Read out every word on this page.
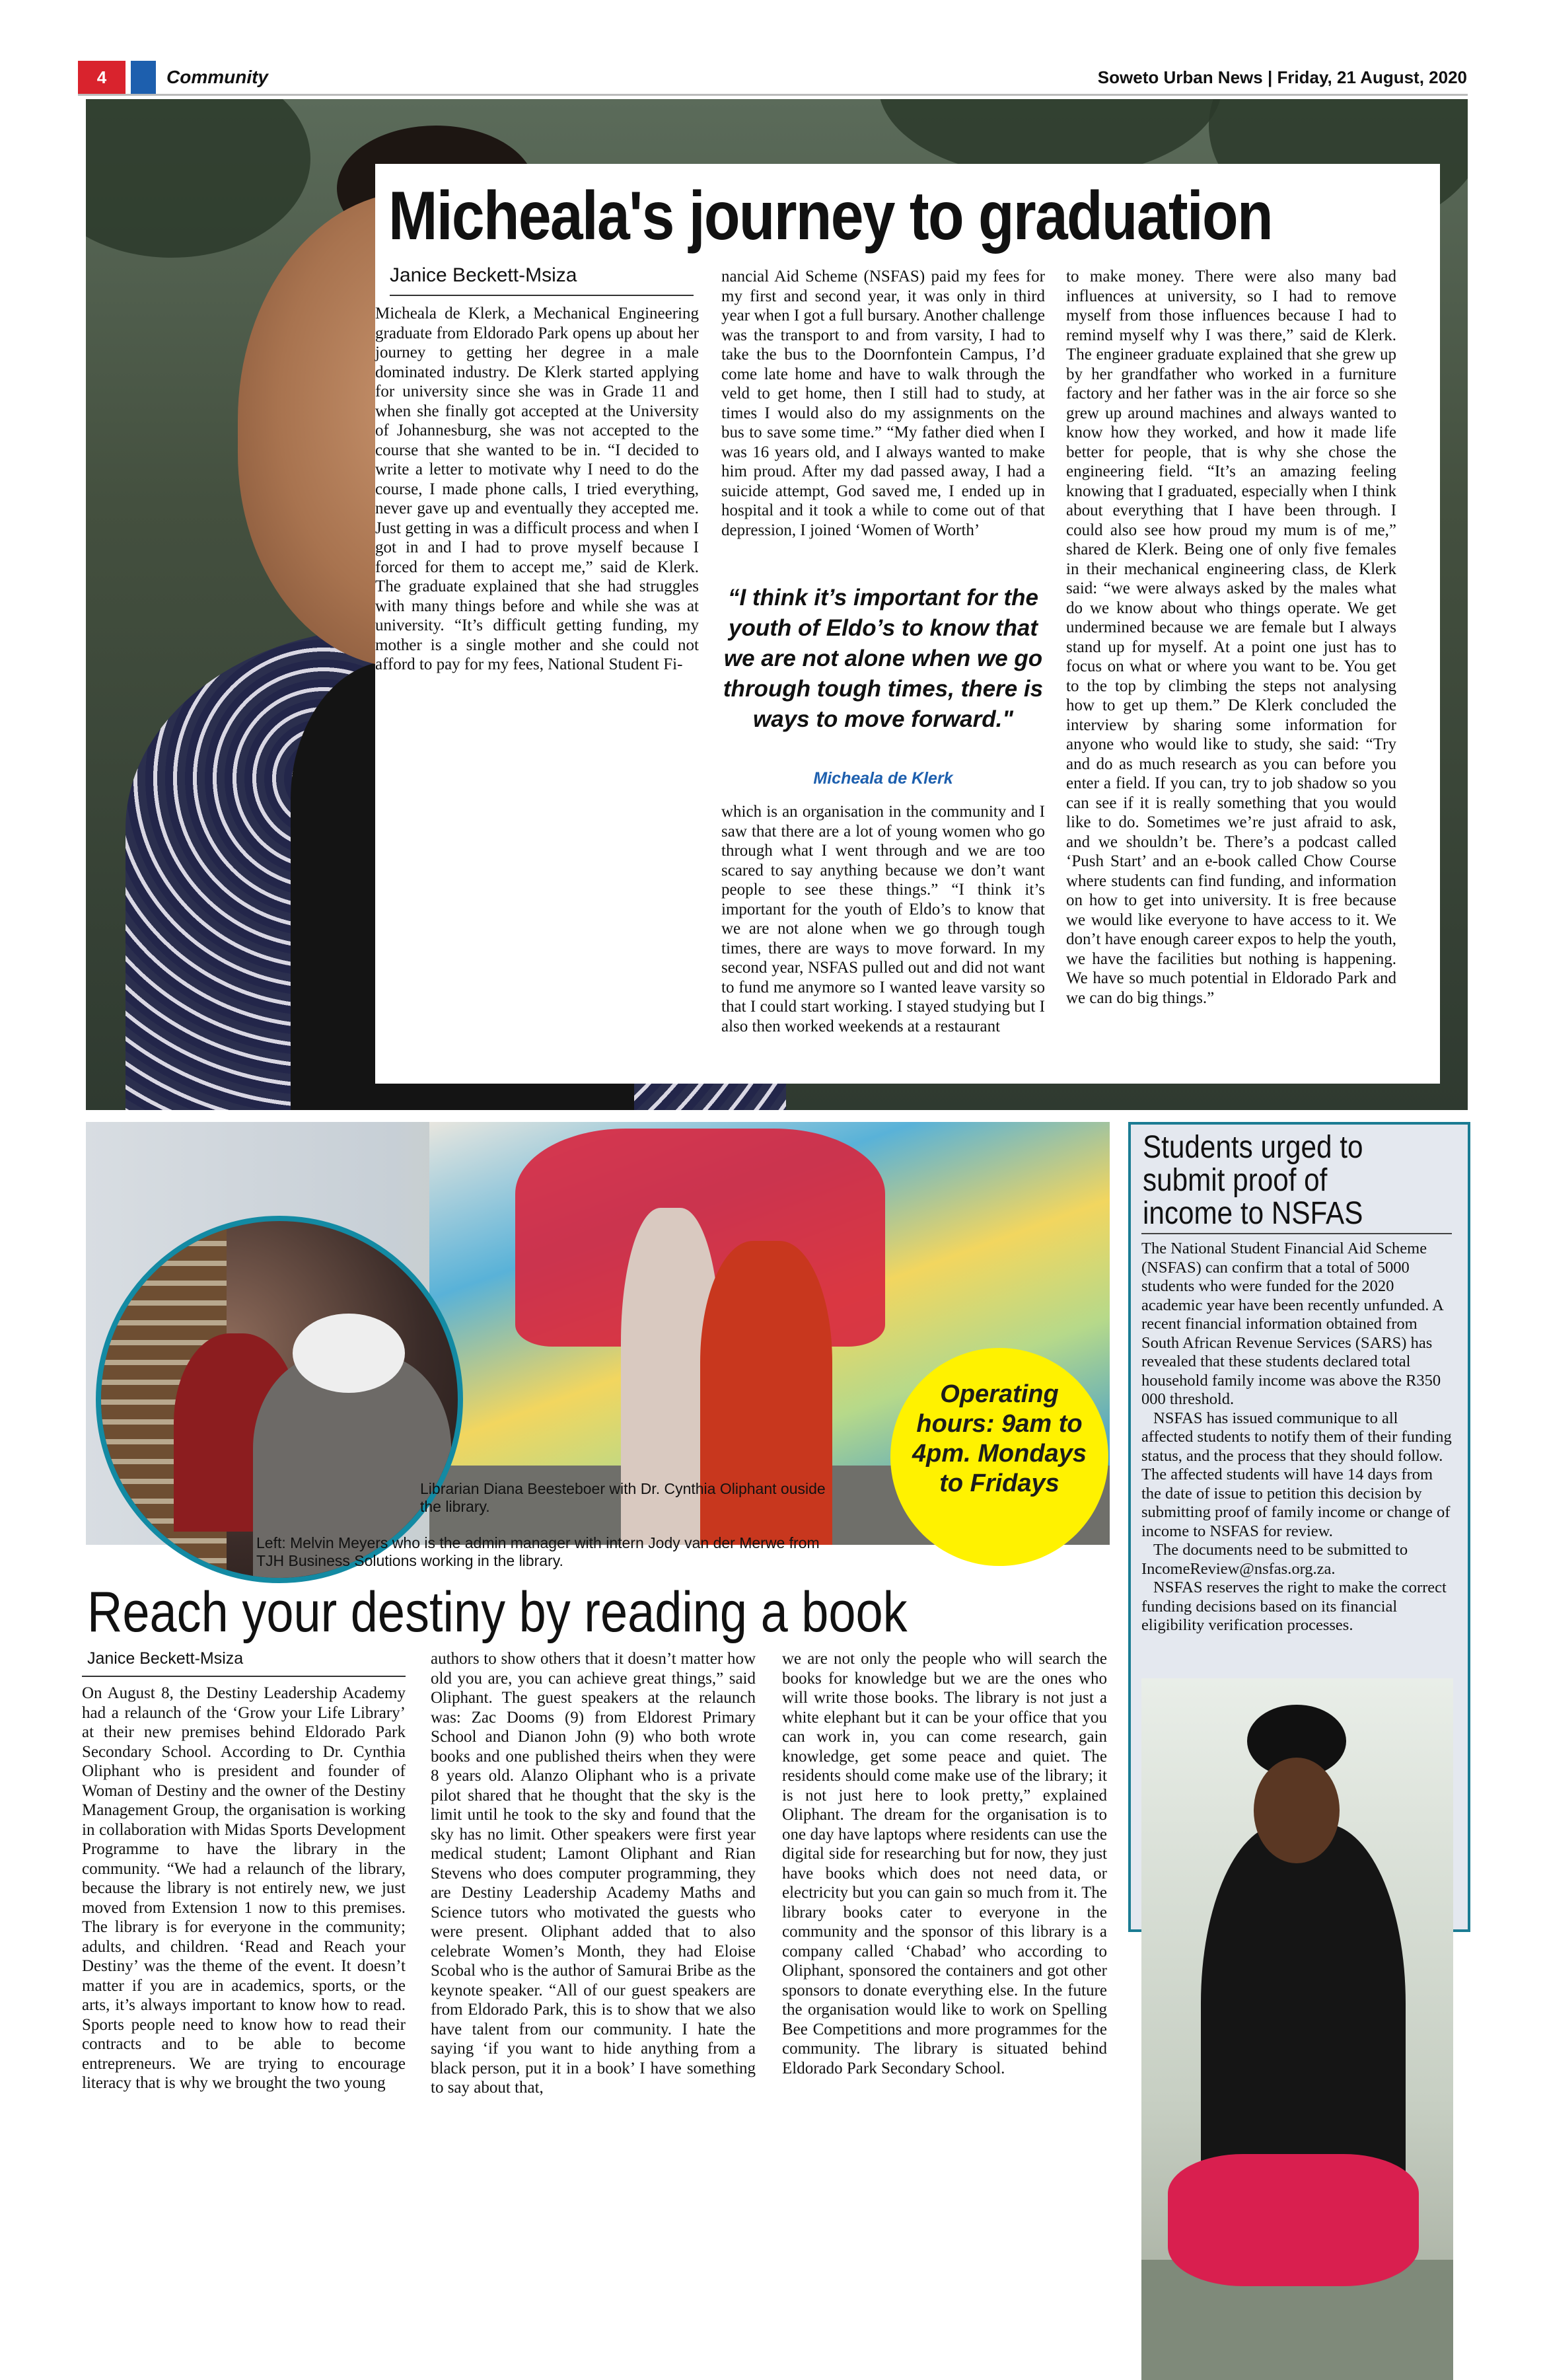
4	Community	Soweto Urban News | Friday, 21 August, 2020
Micheala's journey to graduation
Janice Beckett-Msiza

Micheala de Klerk, a Mechanical Engineering graduate from Eldorado Park opens up about her journey to getting her degree in a male dominated industry. De Klerk started applying for university since she was in Grade 11 and when she finally got accepted at the University of Johannesburg, she was not accepted to the course that she wanted to be in. “I decided to write a letter to motivate why I need to do the course, I made phone calls, I tried everything, never gave up and eventually they accepted me. Just getting in was a difficult process and when I got in and I had to prove myself because I forced for them to accept me,” said de Klerk. The graduate explained that she had struggles with many things before and while she was at university. “It’s difficult getting funding, my mother is a single mother and she could not afford to pay for my fees, National Student Fi-

nancial Aid Scheme (NSFAS) paid my fees for my first and second year, it was only in third year when I got a full bursary. Another challenge was the transport to and from varsity, I had to take the bus to the Doornfontein Campus, I’d come late home and have to walk through the veld to get home, then I still had to study, at times I would also do my assignments on the bus to save some time.” “My father died when I was 16 years old, and I always wanted to make him proud. After my dad passed away, I had a suicide attempt, God saved me, I ended up in hospital and it took a while to come out of that depression, I joined ‘Women of Worth’
“I think it’s important for the youth of Eldo’s to know that we are not alone when we go through tough times, there is ways to move forward."
Micheala de Klerk
which is an organisation in the community and I saw that there are a lot of young women who go through what I went through and we are too scared to say anything because we don’t want people to see these things.” “I think it’s important for the youth of Eldo’s to know that we are not alone when we go through tough times, there are ways to move forward. In my second year, NSFAS pulled out and did not want to fund me anymore so I wanted leave varsity so that I could start working. I stayed studying but I also then worked weekends at a restaurant
to make money. There were also many bad influences at university, so I had to remove myself from those influences because I had to remind myself why I was there,” said de Klerk. The engineer graduate explained that she grew up by her grandfather who worked in a furniture factory and her father was in the air force so she grew up around machines and always wanted to know how they worked, and how it made life better for people, that is why she chose the engineering field. “It’s an amazing feeling knowing that I graduated, especially when I think about everything that I have been through. I could also see how proud my mum is of me,” shared de Klerk. Being one of only five females in their mechanical engineering class, de Klerk said: “we were always asked by the males what do we know about who things operate. We get undermined because we are female but I always stand up for myself. At a point one just has to focus on what or where you want to be. You get to the top by climbing the steps not analysing how to get up them.” De Klerk concluded the interview by sharing some information for anyone who would like to study, she said: “Try and do as much research as you can before you enter a field. If you can, try to job shadow so you can see if it is really something that you would like to do. Sometimes we’re just afraid to ask, and we shouldn’t be. There’s a podcast called ‘Push Start’ and an e-book called Chow Course where students can find funding, and information on how to get into university. It is free because we would like everyone to have access to it. We don’t have enough career expos to help the youth, we have the facilities but nothing is happening. We have so much potential in Eldorado Park and we can do big things.”
Librarian Diana Beesteboer with Dr. Cynthia Oliphant ouside the library.
Left: Melvin Meyers who is the admin manager with intern Jody van der Merwe from TJH Business Solutions working in the library.
Operating hours: 9am to 4pm. Mondays to Fridays
Students urged to submit proof of income to NSFAS

The National Student Financial Aid Scheme (NSFAS) can confirm that a total of 5000 students who were funded for the 2020 academic year have been recently unfunded. A recent financial information obtained from South African Revenue Services (SARS) has revealed that these students declared total household family income was above the R350 000 threshold.

NSFAS has issued communique to all affected students to notify them of their funding status, and the process that they should follow. The affected students will have 14 days from the date of issue to petition this decision by submitting proof of family income or change of income to NSFAS for review.

The documents need to be submitted to IncomeReview@nsfas.org.za.

NSFAS reserves the right to make the correct funding decisions based on its financial eligibility verification processes.

Reach your destiny by reading a book
Janice Beckett-Msiza
On August 8, the Destiny Leadership Academy had a relaunch of the ‘Grow your Life Library’ at their new premises behind Eldorado Park Secondary School. According to Dr. Cynthia Oliphant who is president and founder of Woman of Destiny and the owner of the Destiny Management Group, the organisation is working in collaboration with Midas Sports Development Programme to have the library in the community. “We had a relaunch of the library, because the library is not entirely new, we just moved from Extension 1 now to this premises. The library is for everyone in the community; adults, and children. ‘Read and Reach your Destiny’ was the theme of the event. It doesn’t matter if you are in academics, sports, or the arts, it’s always important to know how to read. Sports people need to know how to read their contracts and to be able to become entrepreneurs. We are trying to encourage literacy that is why we brought the two young
authors to show others that it doesn’t matter how old you are, you can achieve great things,” said Oliphant. The guest speakers at the relaunch was: Zac Dooms (9) from Eldorest Primary School and Dianon John (9) who both wrote books and one published theirs when they were 8 years old. Alanzo Oliphant who is a private pilot shared that he thought that the sky is the limit until he took to the sky and found that the sky has no limit. Other speakers were first year medical student; Lamont Oliphant and Rian Stevens who does computer programming, they are Destiny Leadership Academy Maths and Science tutors who motivated the guests who were present. Oliphant added that to also celebrate Women’s Month, they had Eloise Scobal who is the author of Samurai Bribe as the keynote speaker. “All of our guest speakers are from Eldorado Park, this is to show that we also have talent from our community. I hate the saying ‘if you want to hide anything from a black person, put it in a book’ I have something to say about that,
we are not only the people who will search the books for knowledge but we are the ones who will write those books. The library is not just a white elephant but it can be your office that you can work in, you can come research, gain knowledge, get some peace and quiet. The residents should come make use of the library; it is not just here to look pretty,” explained Oliphant. The dream for the organisation is to one day have laptops where residents can use the digital side for researching but for now, they just have books which does not need data, or electricity but you can gain so much from it. The library books cater to everyone in the community and the sponsor of this library is a company called ‘Chabad’ who according to Oliphant, sponsored the containers and got other sponsors to donate everything else. In the future the organisation would like to work on Spelling Bee Competitions and more programmes for the community. The library is situated behind Eldorado Park Secondary School.
